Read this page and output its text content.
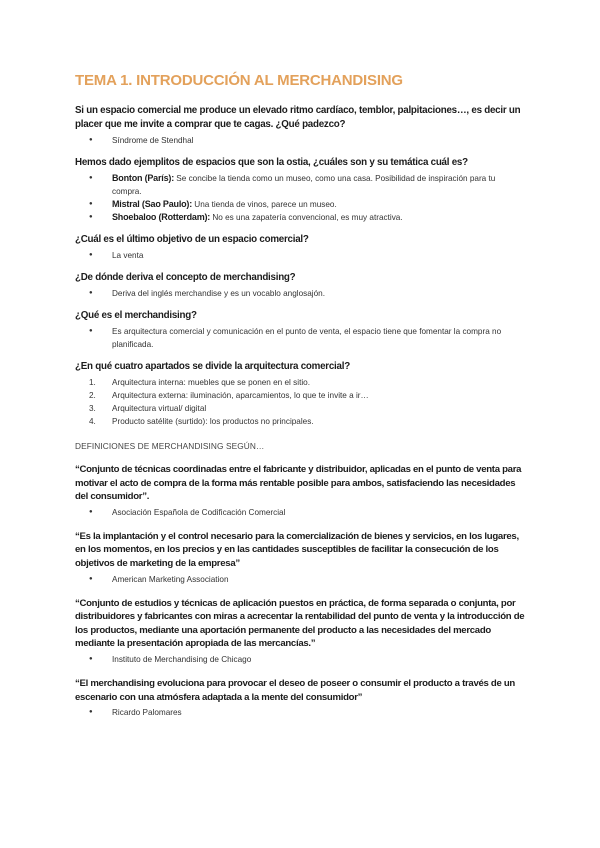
TEMA 1. INTRODUCCIÓN AL MERCHANDISING

Si un espacio comercial me produce un elevado ritmo cardíaco, temblor, palpitaciones…, es decir un placer que me invite a comprar que te cagas. ¿Qué padezco?

● Síndrome de Stendhal

Hemos dado ejemplitos de espacios que son la ostia, ¿cuáles son y su temática cuál es?

● Bonton (París): Se concibe la tienda como un museo, como una casa. Posibilidad de inspiración para tu compra.
● Mistral (Sao Paulo): Una tienda de vinos, parece un museo.
● Shoebaloo (Rotterdam): No es una zapatería convencional, es muy atractiva.

¿Cuál es el último objetivo de un espacio comercial?

● La venta

¿De dónde deriva el concepto de merchandising?

● Deriva del inglés merchandise y es un vocablo anglosajón.

¿Qué es el merchandising?

● Es arquitectura comercial y comunicación en el punto de venta, el espacio tiene que fomentar la compra no planificada.

¿En qué cuatro apartados se divide la arquitectura comercial?

1. Arquitectura interna: muebles que se ponen en el sitio.
2. Arquitectura externa: iluminación, aparcamientos, lo que te invite a ir…
3. Arquitectura virtual/ digital
4. Producto satélite (surtido): los productos no principales.
DEFINICIONES DE MERCHANDISING SEGÚN…

“Conjunto de técnicas coordinadas entre el fabricante y distribuidor, aplicadas en el punto de venta para motivar el acto de compra de la forma más rentable posible para ambos, satisfaciendo las necesidades del consumidor”.

● Asociación Española de Codificación Comercial

“Es la implantación y el control necesario para la comercialización de bienes y servicios, en los lugares, en los momentos, en los precios y en las cantidades susceptibles de facilitar la consecución de los objetivos de marketing de la empresa”

● American Marketing Association

“Conjunto de estudios y técnicas de aplicación puestos en práctica, de forma separada o conjunta, por distribuidores y fabricantes con miras a acrecentar la rentabilidad del punto de venta y la introducción de los productos, mediante una aportación permanente del producto a las necesidades del mercado mediante la presentación apropiada de las mercancías.”

● Instituto de Merchandising de Chicago

“El merchandising evoluciona para provocar el deseo de poseer o consumir el producto a través de un escenario con una atmósfera adaptada a la mente del consumidor”

● Ricardo Palomares
